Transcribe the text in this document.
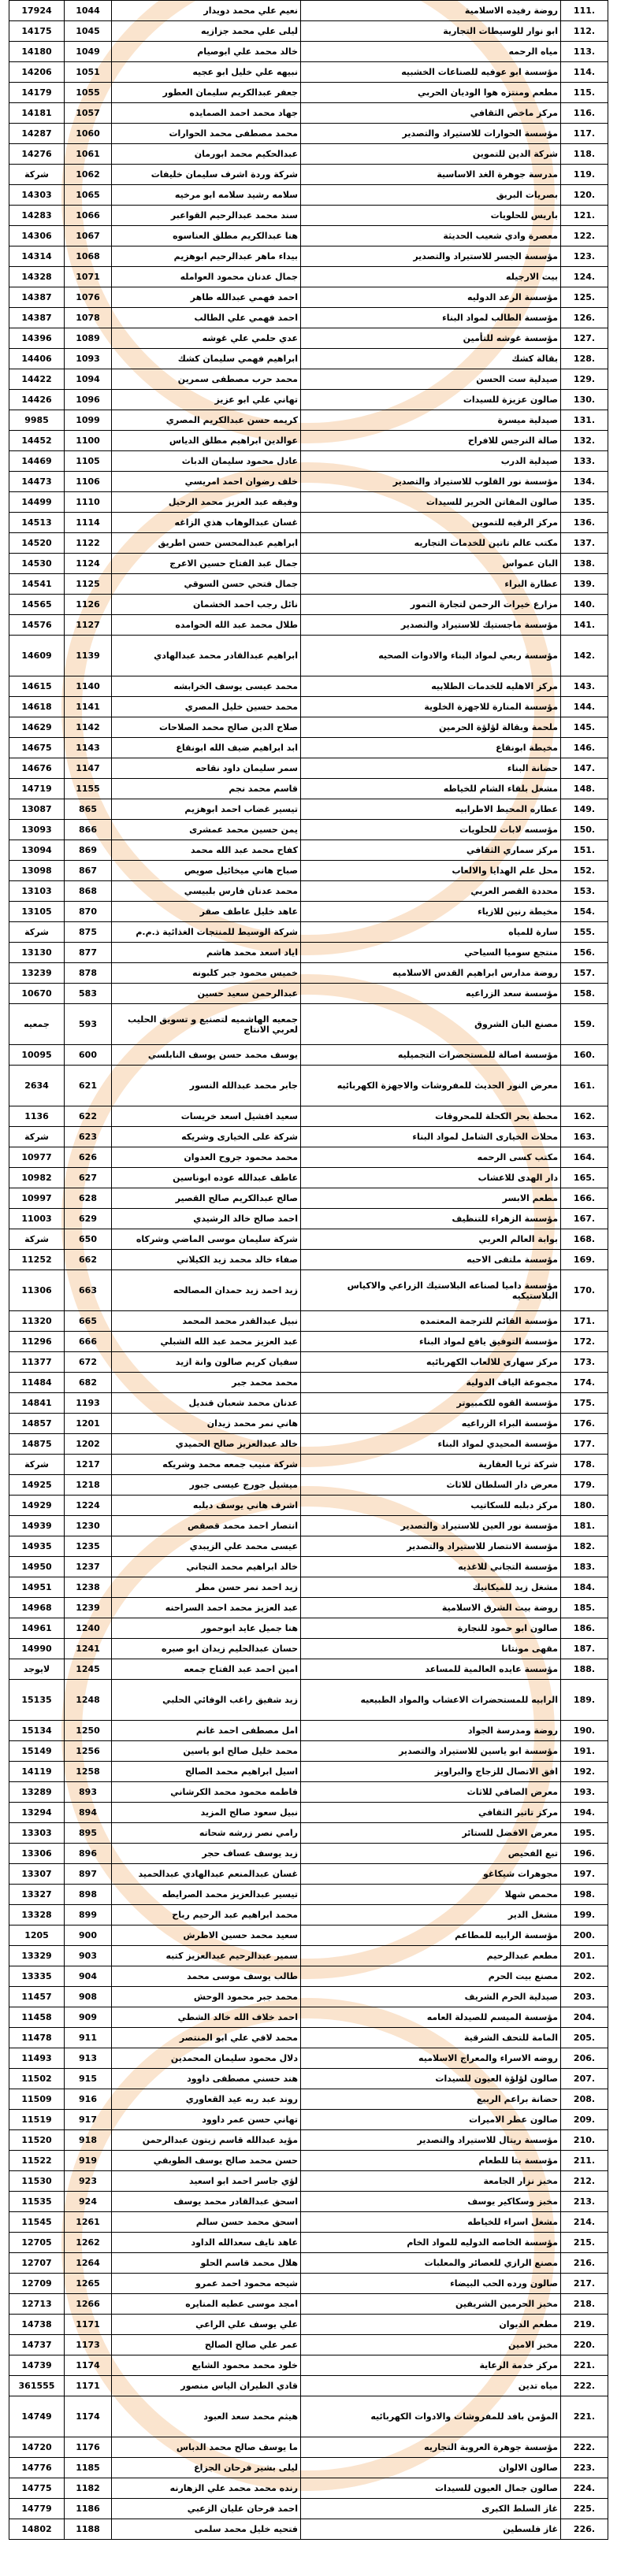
17924	1044	نعيم علي محمد دويدار	روضة رفيده الاسلامية	111.
14175	1045	ليلى علي محمد جزازيه	ابو نوار للوسيطات التجارية	112.
14180	1049	خالد محمد علي ابوصيام	مياه الرحمه	113.
14206	1051	نبيهه علي خليل ابو عجيه	مؤسسة ابو عوفيه للصناعات الخشبيه	114.
14179	1055	جعفر عبدالكريم سليمان العطور	مطعم ومنتزه هوا الوديان الحربي	115.
14181	1057	جهاد محمد احمد الصمايده	مركز ماخص الثقافي	116.
14287	1060	محمد مصطفى محمد الحوارات	مؤسسة الحوارات للاستيراد والتصدير	117.
14276	1061	عبدالحكيم محمد ابورمان	شركة الدين للتموين	118.
شركة	1062	شركة وردة اشرف سليمان خليفات	مدرسة جوهرة الغد الاساسية	119.
14303	1065	سلامه رشيد سلامه ابو مرخيه	بصريات البريق	120.
14283	1066	سند محمد عبدالرحيم القواعبر	باريس للحلويات	121.
14306	1067	هنا عبدالكريم مطلق العناسوه	معصرة وادي شعيب الحديثة	122.
14314	1068	بيداء ماهر عبدالرحيم ابوهزيم	مؤسسة الجسر للاستيراد والتصدير	123.
14328	1071	جمال عدنان محمود العوامله	بيت الارجيله	124.
14387	1076	احمد فهمي عبدالله طاهر	مؤسسة الرعد الدوليه	125.
14387	1078	احمد فهمي علي الطالب	مؤسسة الطالب لمواد البناء	126.
14396	1089	عدي حلمي علي غوشه	مؤسسة غوشه للتأمين	127.
14406	1093	ابراهيم فهمي سليمان كشك	بقالة كشك	128.
14422	1094	محمد حرب مصطفى سمرين	صيدلية ست الحسن	129.
14426	1096	تهاني علي ابو عزيز	صالون عزيزة للسيدات	130.
9985	1099	كريمه حسن عبدالكريم المصري	صيدلية ميسرة	131.
14452	1100	عوالدين ابراهيم مطلق الدياس	صالة النرجس للافراح	132.
14469	1105	عادل محمود سليمان الدباث	صيدلية الدرب	133.
14473	1106	خلف رضوان احمد امريسي	مؤسسة نور القلوب للاستيراد والتصدير	134.
14499	1110	وفيقه عبد العزيز محمد الرحيل	صالون المفاتن الحرير للسيدات	135.
14513	1114	غسان عبدالوهاب هذي الزاغه	مركز الرقيه للتموين	136.
14520	1122	ابراهيم عبدالمحسن حسن اطريق	مكتب عالم تاتين للخدمات التجاريه	137.
14530	1124	جمال عبد الفتاح حسين الاعرج	البان عمواس	138.
14541	1125	جمال فتحي حسن السوقي	عطارة البراء	139.
14565	1126	نائل رجب احمد الخشمان	مزارع خيرات الرحمن لتجارة التمور	140.
14576	1127	طلال محمد عبد الله الحوامده	مؤسسة ماجستيك للاستيراد والتصدير	141.
14609	1139	ابراهيم عبدالقادر محمد عبدالهادي	مؤسسة ربعي لمواد البناء والادوات الصحيه	142.
14615	1140	محمد عيسى يوسف الخرابشه	مركز الاهليه للخدمات الطلابيه	143.
14618	1141	محمد حسين خليل المصري	مؤسسة المنارة للاجهزة الخلوية	144.
14629	1142	صلاح الدين صالح محمد الصلاحات	ملحمة وبقالة لؤلؤة الحرمين	145.
14675	1143	ابد ابراهيم ضيف الله ابونقاع	مخيطة ابونقاع	146.
14676	1147	سمر سليمان داود نقاحه	حضانة البناء	147.
14719	1155	قاسم محمد نجم	مشغل بلقاء الشام للخياطه	148.
13087	865	تيسير غضاب احمد ابوهزيم	عطاره المحيط الاطرابيه	149.
13093	866	يمن حسين محمد عمشرى	مؤسسه لابات للحلويات	150.
13094	869	كفاح محمد عبد الله محمد	مركز سماري الثقافي	151.
13098	867	صباح هاني ميخائيل صويص	محل علم الهدايا والالعاب	152.
13103	868	محمد عدنان فارس بلبيسي	محددة القصر العربي	153.
13105	870	عاهد خليل عاطف صقر	مخيطة رنين للازياء	154.
شركة	875	شركة الوسيط للمنتجات الغذائية ذ.م.م	سارة للمياه	155.
13130	877	اياد اسعد محمد هاشم	منتجع سوميا السياحي	156.
13239	878	خميس محمود جبر كلبونه	روضة مدارس ابراهيم القدس الاسلاميه	157.
10670	583	عبدالرحمن سعيد حسين	مؤسسة سعد الزراعيه	158.
جمعيه	593	جمعيه الهاشميه لتصنيع و تسويق الحليب لعربي الانتاج	مصنع البان الشروق	159.
10095	600	يوسف محمد حسن يوسف النابلسي	مؤسسة اصالة للمستحضرات التجميليه	160.
2634	621	جابر محمد عبدالله النسور	معرض النور الحديث للمفروشات والاجهزة الكهربائيه	161.
1136	622	سعيد افشيل اسعد خريسات	محطة بحر الكحلة للمحروقات	162.
شركة	623	شركة على الخيارى وشريكه	محلات الخيارى الشامل لمواد البناء	163.
10977	626	محمد محمود جروح العدوان	مكتب كسى الرحمه	164.
10982	627	عاطف عبدالله عوده ابوناسين	دار الهدى للاعشاب	165.
10997	628	صالح عبدالكريم صالح القصير	مطعم الابسر	166.
11003	629	احمد صالح خالد الرشيدي	مؤسسة الزهراء للتنظيف	167.
شركة	650	شركة سليمان موسى الماضي وشركاه	بوابة العالم العربي	168.
11252	662	صفاء خالد محمد زيد الكيلاني	مؤسسة ملتقى الاحبه	169.
11306	663	زيد احمد زيد حمدان المصالحه	مؤسسة داميا لصناعه البلاستيك الزراعي والاكياس البلاستيكيه	170.
11320	665	نبيل عبدالقدر محمد المحمد	مؤسسة القائم للترجمة المعتمده	171.
11296	666	عبد العزيز محمد عبد الله الشبلي	مؤسسة التوفيق يافع لمواد البناء	172.
11377	672	سفيان كريم صالون وانة ازيد	مركز سهارى للالعاب الكهربائيه	173.
11484	682	محمد محمد جبر	مجموعة الياف الدولية	174.
14841	1193	عدنان محمد شعبان قنديل	مؤسسة القوه للكمبيوتر	175.
14857	1201	هاني نمر محمد زيدان	مؤسسة البراء الزراعيه	176.
14875	1202	خالد عبدالعزيز صالح الحميدي	مؤسسة المحيدي لمواد البناء	177.
شركة	1217	شركة منيب جمعه محمد وشريكه	شركة ثريا العقارية	178.
14925	1218	ميشيل جورج عيسى جبور	معرض دار السلطان للاثاث	179.
14929	1224	اشرف هاني يوسف دبلبه	مركز دبلبه للسكاتيب	180.
14939	1230	انتصار احمد محمد قصقص	مؤسسة نور العين للاستيراد والتصدير	181.
14935	1235	عيسى محمد علي الزيبدي	مؤسسة الانتصار للاستيراد والتصدير	182.
14950	1237	خالد ابراهيم محمد التجاني	مؤسسة التجاني للاغذيه	183.
14951	1238	زيد احمد نمر حسن مطر	مشغل زيد للميكانيك	184.
14968	1239	عبد العزيز محمد احمد السراحنه	روضة بيت الشرق الاسلامية	185.
14961	1240	هنا جميل عايد ابوحمور	صالون ابو حمود للنجارة	186.
14990	1241	حسان عبدالحليم زيدان ابو صبره	مقهى مونتانا	187.
لايوجد	1245	امين احمد عبد الفتاح جمعه	مؤسسة عايده العالمية للمساعد	188.
15135	1248	زيد شفيق راغب الوفائي الحلبي	الرابيه للمستحضرات الاعشاب والمواد الطبيعيه	189.
15134	1250	امل مصطفى احمد غانم	روضة ومدرسة الجواد	190.
15149	1256	محمد خليل صالح ابو ياسين	مؤسسة ابو ياسين للاستيراد والتصدير	191.
14119	1258	اسيل ابراهيم محمد الصالح	افق الاتصال للزجاج والبراويز	192.
13289	893	فاطمه محمود محمد الكرشاني	معرض الصافي للاثاث	193.
13294	894	نبيل سعود صالح المزيد	مركز تاتير الثقافي	194.
13303	895	رامي نصر زرشه شحاته	معرض الافضل للستائر	195.
13306	896	زيد يوسف عساف حجر	تبع الفحيص	196.
13307	897	غسان عبدالمنعم عبدالهادي عبدالحميد	مجوهرات شيكاغو	197.
13327	898	تيسير عبدالعزيز محمد الصرايطه	محمص شهلا	198.
13328	899	محمد ابراهيم عبد الرحيم رباح	مشغل الدير	199.
1205	900	سعيد محمد حسين الاطرش	مؤسسة الرابيه للمطاعم	200.
13329	903	سمير عبدالرحيم عبدالعزيز كتبه	مطعم عبدالرحيم	201.
13335	904	طالب يوسف موسى محمد	مصنع بيت الحرم	202.
11457	908	محمد جبر محمود الوحش	صيدلية الحرم الشريف	203.
11458	909	احمد خلاف الله خالد الشطي	مؤسسة الميسم للصيدلة العامه	204.
11478	911	محمد لافي علي ابو المنتصر	المامة للتحف الشرقية	205.
11493	913	دلال محمود سليمان المحمدين	روضه الاسراء والمعراج الاسلاميه	206.
11502	915	هند حسني مصطفى داوود	صالون لؤلؤة العيون للسيدات	207.
11509	916	روند عبد ربه عيد القعاوري	حضانة براعم الربيع	208.
11519	917	تهاني حسن عمر داوود	صالون عطر الاميرات	209.
11520	918	مؤيد عبدالله قاسم زيتون عبدالرحمن	مؤسسة ريتال للاستيراد والتصدير	210.
11522	919	حسن محمد صالح يوسف الطوبقي	مؤسسة بتا للطعام	211.
11530	923	لؤي جاسر احمد ابو اسعيد	مخبز نزار الجامعة	212.
11535	924	اسحق عبدالقادر محمد يوسف	مخبز وسكاكير يوسف	213.
11545	1261	اسحق محمد حسن سالم	مشغل اسراء للخياطه	214.
12705	1262	عاهد نايف سعدالله الداود	مؤسسة الخاصه الدوليه للمواد الخام	215.
12707	1264	هلال محمد قاسم الحلو	مصنع الرازي للعصائر والمعلبات	216.
12709	1265	شيحه محمود احمد عمرو	صالون ورده الحب البيضاء	217.
12713	1266	امجد موسى عطيه المنايره	مخبز الحرمين الشريفين	218.
14738	1171	علي يوسف علي الراعي	مطعم الديوان	219.
14737	1173	عمر علي صالح الصالح	مخبز الامين	220.
14739	1174	خلود محمد محمود الشايع	مركز خدمة الرعاية	221.
361555	1171	قادي الطيران الياس منصور	مياه تدين	222.
14749	1174	هيثم محمد سعد العبود	المؤمن بافد للمفروشات والادوات الكهربائيه	221.
14720	1176	ما يوسف صالح محمد الدباس	مؤسسة جوهرة العروبة التجاريه	222.
14776	1185	ليلى بشير فرحان الجزاع	صالون الالوان	223.
14775	1182	رنده محمد محمد علي الزهارنه	صالون جمال العيون للسيدات	224.
14779	1186	احمد فرحان عليان الزعبي	غاز السلط الكبرى	225.
14802	1188	فتحيه خليل محمد سلمى	غاز فلسطين	226.
